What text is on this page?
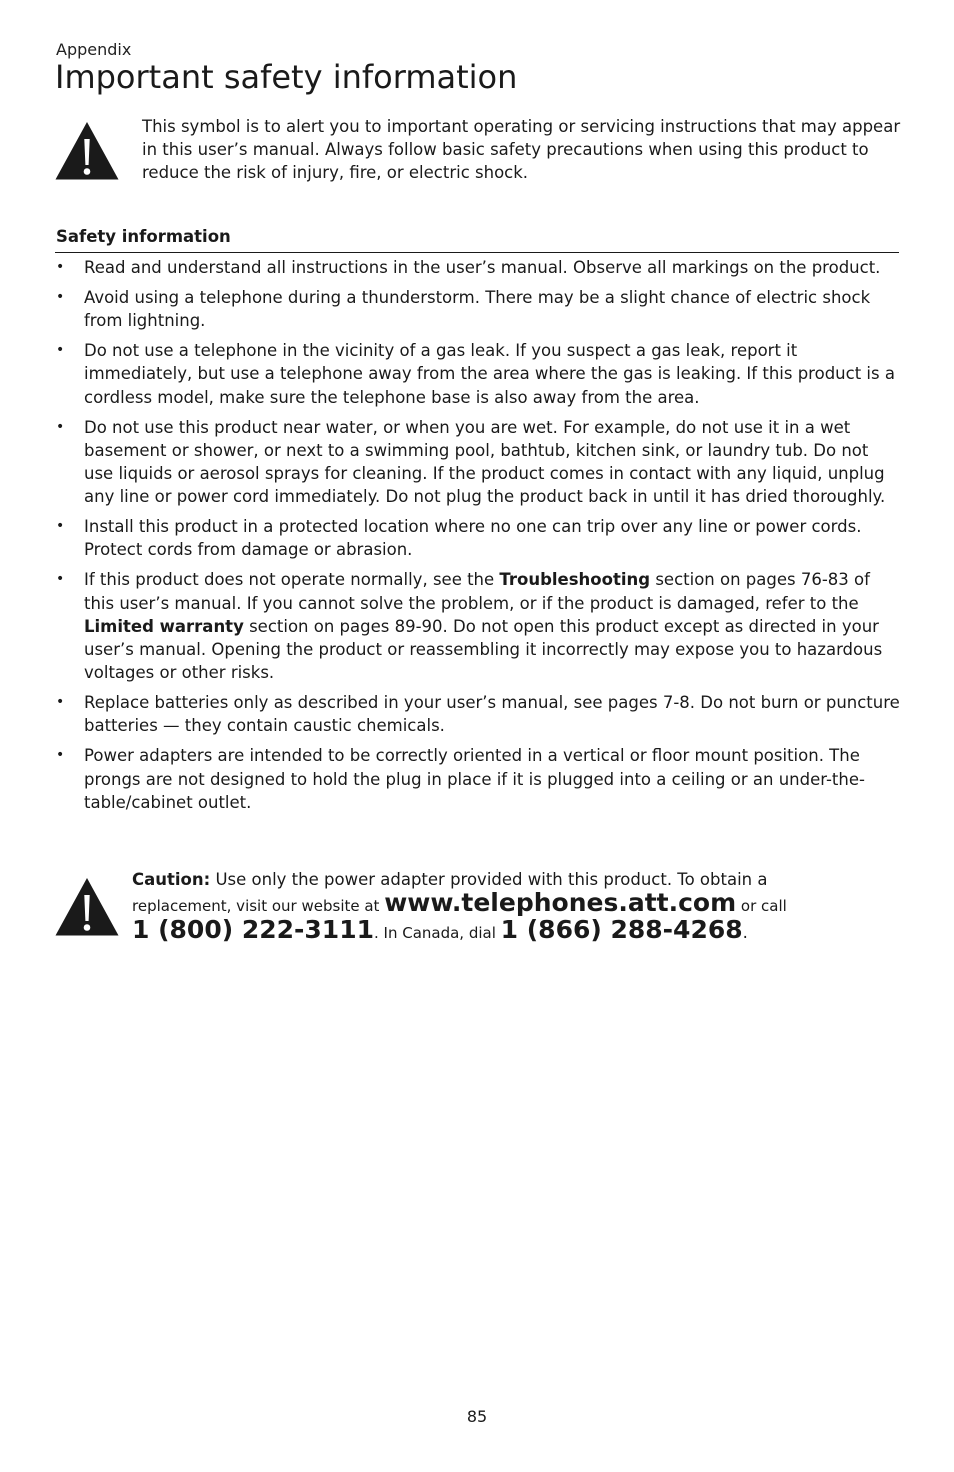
Appendix
Important safety information

This symbol is to alert you to important operating or servicing instructions that may appear in this user’s manual. Always follow basic safety precautions when using this product to reduce the risk of injury, fire, or electric shock.

Safety information
• Read and understand all instructions in the user’s manual. Observe all markings on the product.
• Avoid using a telephone during a thunderstorm. There may be a slight chance of electric shock from lightning.
• Do not use a telephone in the vicinity of a gas leak. If you suspect a gas leak, report it immediately, but use a telephone away from the area where the gas is leaking. If this product is a cordless model, make sure the telephone base is also away from the area.
• Do not use this product near water, or when you are wet. For example, do not use it in a wet basement or shower, or next to a swimming pool, bathtub, kitchen sink, or laundry tub. Do not use liquids or aerosol sprays for cleaning. If the product comes in contact with any liquid, unplug any line or power cord immediately. Do not plug the product back in until it has dried thoroughly.
• Install this product in a protected location where no one can trip over any line or power cords. Protect cords from damage or abrasion.
• If this product does not operate normally, see the Troubleshooting section on pages 76-83 of this user’s manual. If you cannot solve the problem, or if the product is damaged, refer to the Limited warranty section on pages 89-90. Do not open this product except as directed in your user’s manual. Opening the product or reassembling it incorrectly may expose you to hazardous voltages or other risks.
• Replace batteries only as described in your user’s manual, see pages 7-8. Do not burn or puncture batteries — they contain caustic chemicals.
• Power adapters are intended to be correctly oriented in a vertical or floor mount position. The prongs are not designed to hold the plug in place if it is plugged into a ceiling or an under-the-table/cabinet outlet.

Caution: Use only the power adapter provided with this product. To obtain a
replacement, visit our website at www.telephones.att.com or call
1 (800) 222-3111. In Canada, dial 1 (866) 288-4268.

85
